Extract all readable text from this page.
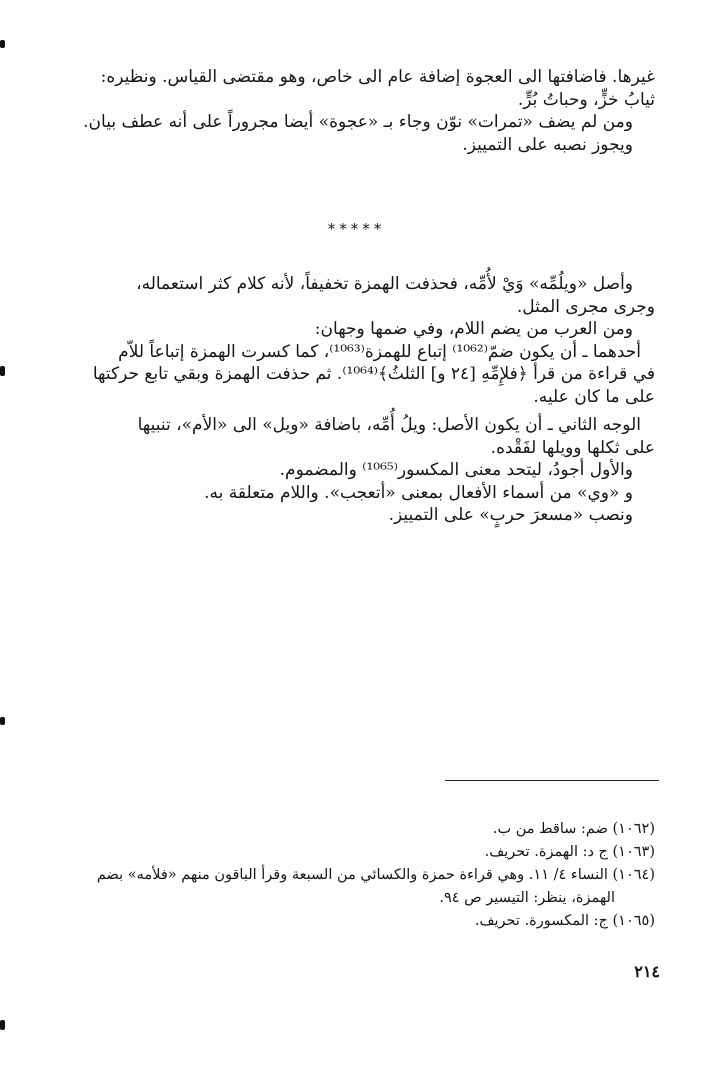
غيرها. فاضافتها الى العجوة إضافة عام الى خاص، وهو مقتضى القياس. ونظيره:
ثيابُ خزٍّ، وحباتُ بُرٍّ.
ومن لم يضف «تمرات» نوّن وجاء بـ «عجوة» أيضا مجروراً على أنه عطف بيان.
ويجوز نصبه على التمييز.
*****
وأصل «ويلُمِّه» وَيْ لأُمِّه، فحذفت الهمزة تخفيفاً، لأنه كلام كثر استعماله،
وجرى مجرى المثل.
ومن العرب من يضم اللام، وفي ضمها وجهان:
أحدهما ـ أن يكون ضمّ⁽¹⁰⁶²⁾ إتباع للهمزة⁽¹⁰⁶³⁾، كما كسرت الهمزة إتباعاً للاّم
في قراءة من قرأ ﴿فلإِمِّهِ [٢٤ و] الثلثُ﴾⁽¹⁰⁶⁴⁾. ثم حذفت الهمزة وبقي تابع حركتها
على ما كان عليه.
الوجه الثاني ـ أن يكون الأصل: ويلُ أُمِّه، باضافة «ويل» الى «الأم»، تنبيها
على ثكلها وويلها لفَقْده.
والأول أجودُ، ليتحد معنى المكسور⁽¹⁰⁶⁵⁾ والمضموم.
و «وي» من أسماء الأفعال بمعنى «أتعجب». واللام متعلقة به.
ونصب «مسعرَ حربٍ» على التمييز.
(١٠٦٢) ضم: ساقط من ب.
(١٠٦٣) ج د: الهمزة. تحريف.
(١٠٦٤) النساء ٤/ ١١. وهي قراءة حمزة والكسائي من السبعة وقرأ الباقون منهم «فلأمه» بضم
الهمزة، ينظر: التيسير ص ٩٤.
(١٠٦٥) ج: المكسورة. تحريف.
٢١٤
